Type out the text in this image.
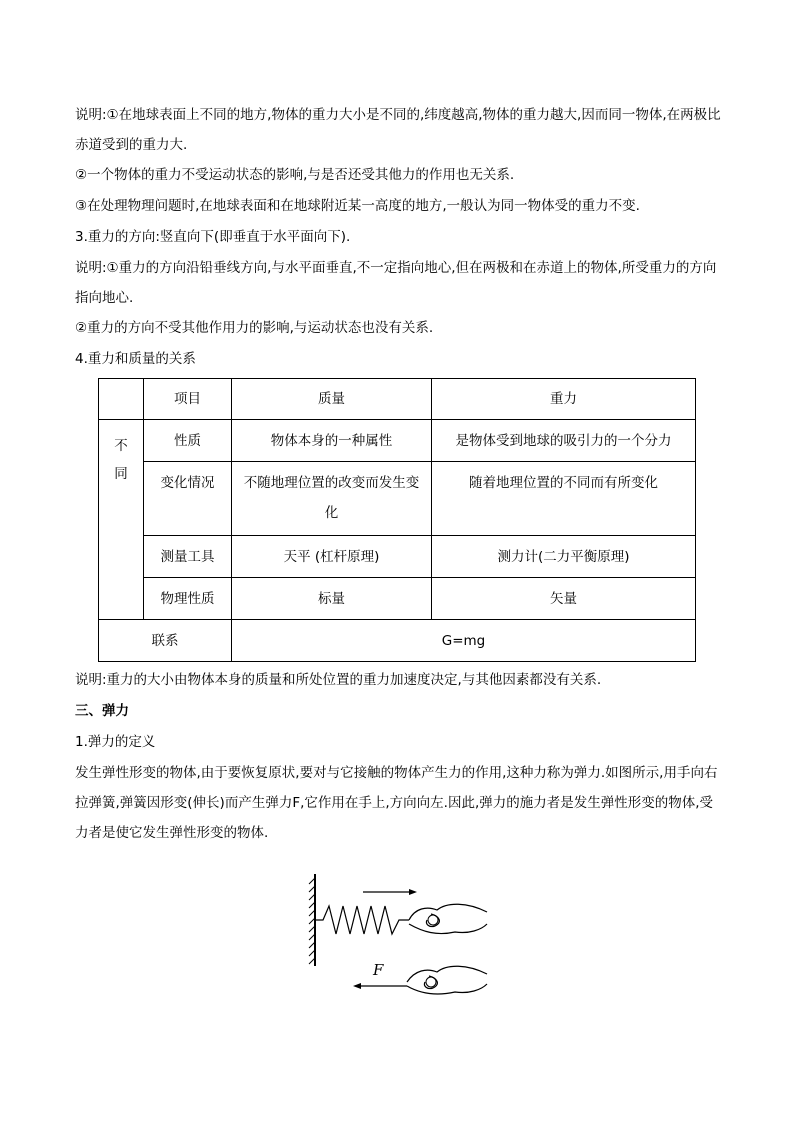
说明:①在地球表面上不同的地方,物体的重力大小是不同的,纬度越高,物体的重力越大,因而同一物体,在两极比赤道受到的重力大.

②一个物体的重力不受运动状态的影响,与是否还受其他力的作用也无关系.

③在处理物理问题时,在地球表面和在地球附近某一高度的地方,一般认为同一物体受的重力不变.

3.重力的方向:竖直向下(即垂直于水平面向下).

说明:①重力的方向沿铅垂线方向,与水平面垂直,不一定指向地心,但在两极和在赤道上的物体,所受重力的方向指向地心.

②重力的方向不受其他作用力的影响,与运动状态也没有关系.

4.重力和质量的关系

	项目	质量	重力

不
同	性质	物体本身的一种属性	是物体受到地球的吸引力的一个分力
	变化情况	不随地理位置的改变而发生变化	随着地理位置的不同而有所变化
	测量工具	天平 (杠杆原理)	测力计(二力平衡原理)
	物理性质	标量	矢量
联系		G=mg	

说明:重力的大小由物体本身的质量和所处位置的重力加速度决定,与其他因素都没有关系.

三、弹力

1.弹力的定义

发生弹性形变的物体,由于要恢复原状,要对与它接触的物体产生力的作用,这种力称为弹力.如图所示,用手向右拉弹簧,弹簧因形变(伸长)而产生弹力F,它作用在手上,方向向左.因此,弹力的施力者是发生弹性形变的物体,受力者是使它发生弹性形变的物体.

F
